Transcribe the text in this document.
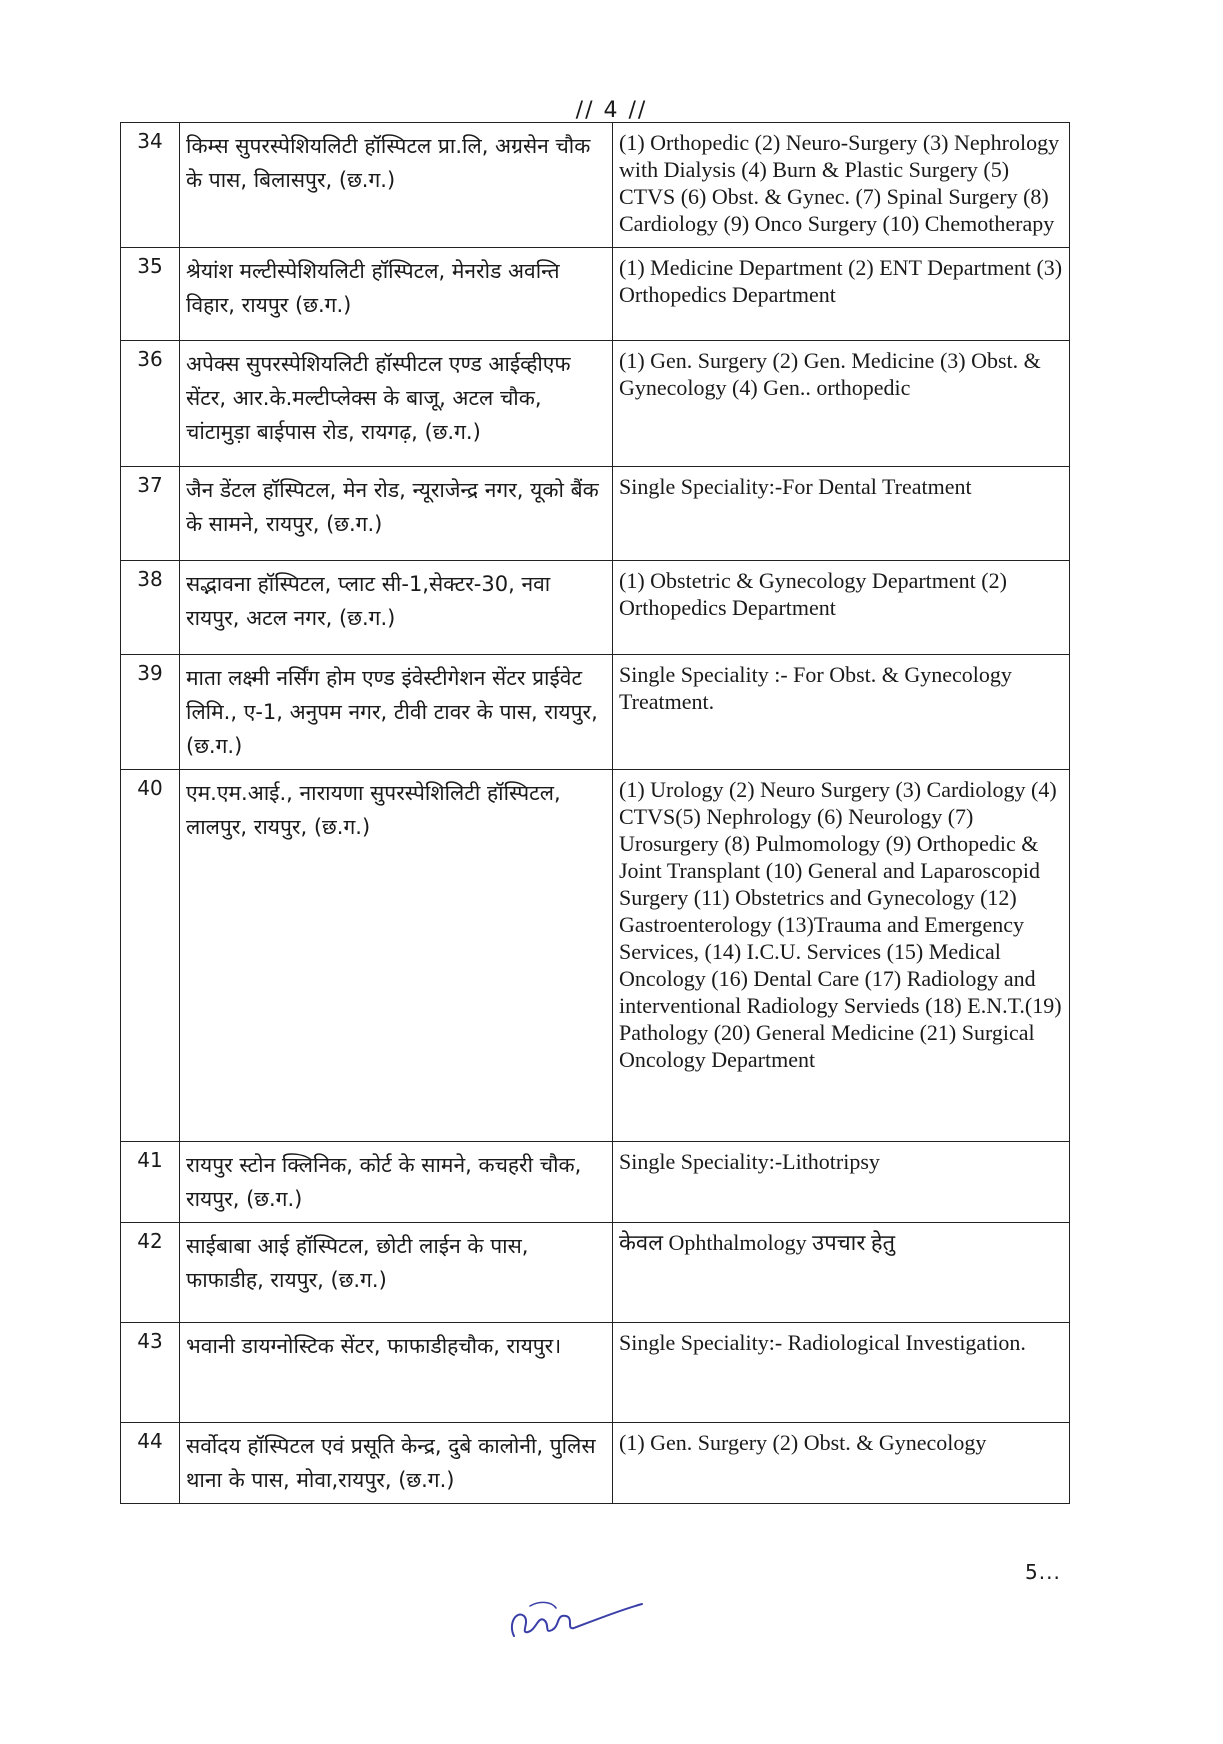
// 4 //
34	किम्स सुपरस्पेशियलिटी हॉस्पिटल प्रा.लि, अग्रसेन चौक के पास, बिलासपुर, (छ.ग.)	(1) Orthopedic (2) Neuro-Surgery (3) Nephrology with Dialysis (4) Burn & Plastic Surgery (5) CTVS (6) Obst. & Gynec. (7) Spinal Surgery (8) Cardiology (9) Onco Surgery (10) Chemotherapy
35	श्रेयांश मल्टीस्पेशियलिटी हॉस्पिटल, मेनरोड अवन्ति विहार, रायपुर (छ.ग.)	(1) Medicine Department (2) ENT Department (3) Orthopedics Department
36	अपेक्स सुपरस्पेशियलिटी हॉस्पीटल एण्ड आईव्हीएफ सेंटर, आर.के.मल्टीप्लेक्स के बाजू, अटल चौक, चांटामुड़ा बाईपास रोड, रायगढ़, (छ.ग.)	(1) Gen. Surgery (2) Gen. Medicine (3) Obst. & Gynecology (4) Gen.. orthopedic
37	जैन डेंटल हॉस्पिटल, मेन रोड, न्यूराजेन्द्र नगर, यूको बैंक के सामने, रायपुर, (छ.ग.)	Single Speciality:-For Dental Treatment
38	सद्भावना हॉस्पिटल, प्लाट सी-1,सेक्टर-30, नवा रायपुर, अटल नगर, (छ.ग.)	(1) Obstetric & Gynecology Department (2) Orthopedics Department
39	माता लक्ष्मी नर्सिंग होम एण्ड इंवेस्टीगेशन सेंटर प्राईवेट लिमि., ए-1, अनुपम नगर, टीवी टावर के पास, रायपुर, (छ.ग.)	Single Speciality :- For Obst. & Gynecology Treatment.
40	एम.एम.आई., नारायणा सुपरस्पेशिलिटी हॉस्पिटल, लालपुर, रायपुर, (छ.ग.)	(1) Urology (2) Neuro Surgery (3) Cardiology (4) CTVS(5) Nephrology (6) Neurology (7) Urosurgery (8) Pulmomology (9) Orthopedic & Joint Transplant (10) General and Laparoscopid Surgery (11) Obstetrics and Gynecology (12) Gastroenterology (13)Trauma and Emergency Services, (14) I.C.U. Services (15) Medical Oncology (16) Dental Care (17) Radiology and interventional Radiology Servieds (18) E.N.T.(19) Pathology (20) General Medicine (21) Surgical Oncology Department
41	रायपुर स्टोन क्लिनिक, कोर्ट के सामने, कचहरी चौक, रायपुर, (छ.ग.)	Single Speciality:-Lithotripsy
42	साईबाबा आई हॉस्पिटल, छोटी लाईन के पास, फाफाडीह, रायपुर, (छ.ग.)	केवल Ophthalmology उपचार हेतु
43	भवानी डायग्नोस्टिक सेंटर, फाफाडीहचौक, रायपुर।	Single Speciality:- Radiological Investigation.
44	सर्वोदय हॉस्पिटल एवं प्रसूति केन्द्र, दुबे कालोनी, पुलिस थाना के पास, मोवा,रायपुर, (छ.ग.)	(1) Gen. Surgery (2) Obst. & Gynecology
5...
